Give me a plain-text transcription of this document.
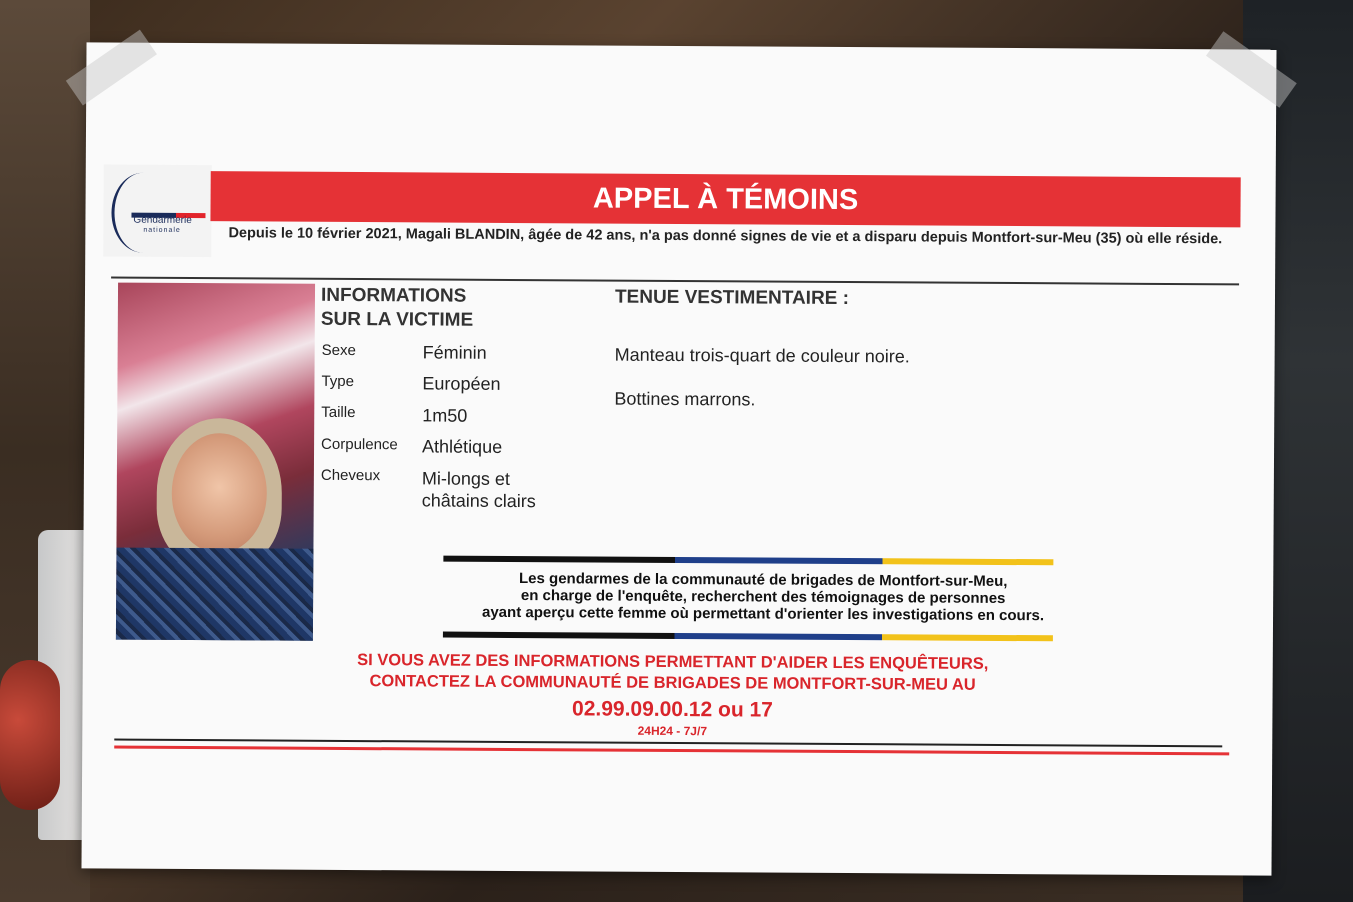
Gendarmerie
nationale
APPEL À TÉMOINS
Depuis le 10 février 2021, Magali BLANDIN, âgée de 42 ans, n'a pas donné signes de vie et a disparu depuis Montfort-sur-Meu (35) où elle réside.
INFORMATIONS
SUR LA VICTIME
Sexe	Féminin
Type	Européen
Taille	1m50
Corpulence Athlétique
Cheveux Mi-longs et
châtains clairs
TENUE VESTIMENTAIRE :
Manteau trois-quart de couleur noire.
Bottines marrons.
Les gendarmes de la communauté de brigades de Montfort-sur-Meu,
en charge de l'enquête, recherchent des témoignages de personnes
ayant aperçu cette femme où permettant d'orienter les investigations en cours.
SI VOUS AVEZ DES INFORMATIONS PERMETTANT D'AIDER LES ENQUÊTEURS,
CONTACTEZ LA COMMUNAUTÉ DE BRIGADES DE MONTFORT-SUR-MEU AU
02.99.09.00.12 ou 17
24H24 - 7J/7
